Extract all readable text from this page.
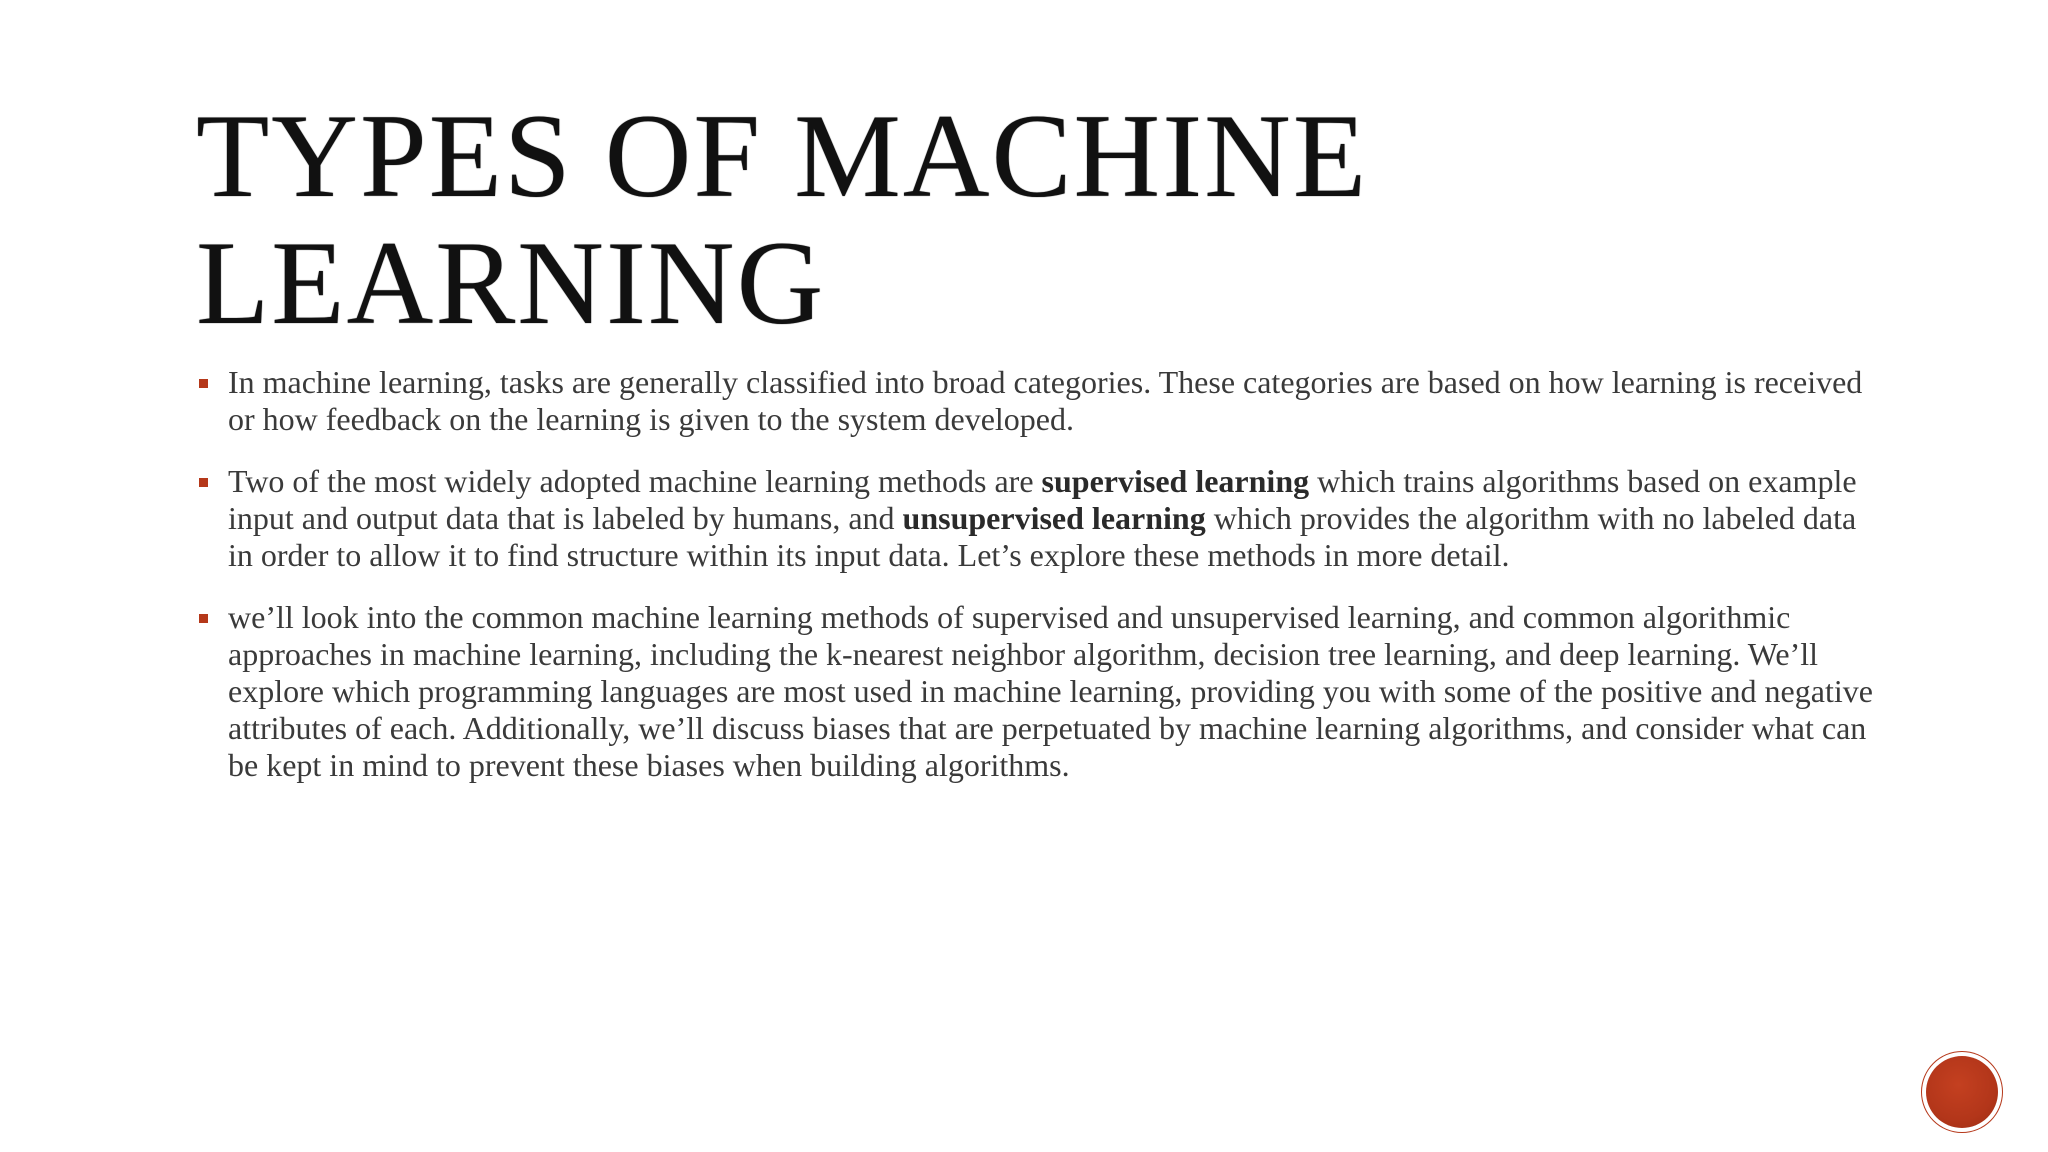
TYPES OF MACHINE
LEARNING
In machine learning, tasks are generally classified into broad categories. These categories are based on how learning is received or how feedback on the learning is given to the system developed.
Two of the most widely adopted machine learning methods are supervised learning which trains algorithms based on example input and output data that is labeled by humans, and unsupervised learning which provides the algorithm with no labeled data in order to allow it to find structure within its input data. Let’s explore these methods in more detail.
we’ll look into the common machine learning methods of supervised and unsupervised learning, and common algorithmic approaches in machine learning, including the k-nearest neighbor algorithm, decision tree learning, and deep learning. We’ll explore which programming languages are most used in machine learning, providing you with some of the positive and negative attributes of each. Additionally, we’ll discuss biases that are perpetuated by machine learning algorithms, and consider what can be kept in mind to prevent these biases when building algorithms.
